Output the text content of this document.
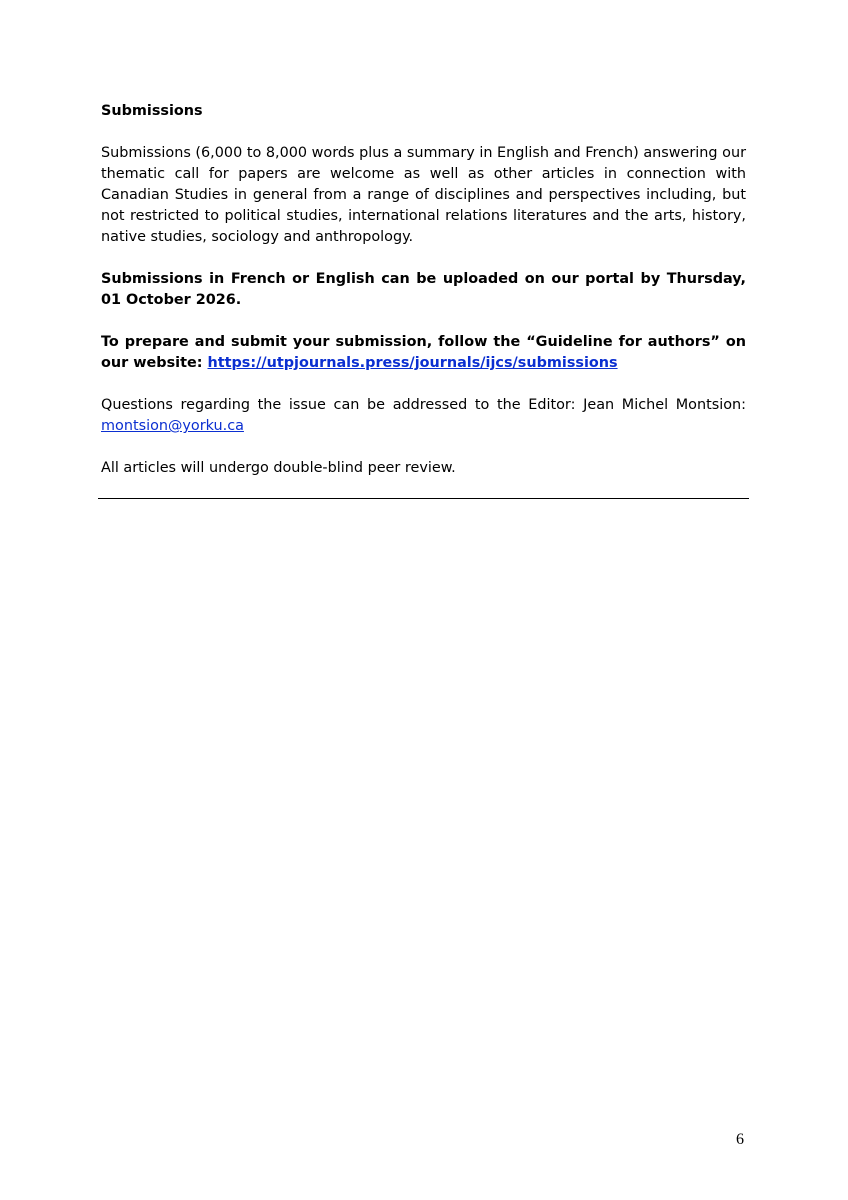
Submissions

Submissions (6,000 to 8,000 words plus a summary in English and French) answering our thematic call for papers are welcome as well as other articles in connection with Canadian Studies in general from a range of disciplines and perspectives including, but not restricted to political studies, international relations literatures and the arts, history, native studies, sociology and anthropology.

Submissions in French or English can be uploaded on our portal by Thursday, 01 October 2026.

To prepare and submit your submission, follow the “Guideline for authors” on our website: https://utpjournals.press/journals/ijcs/submissions

Questions regarding the issue can be addressed to the Editor: Jean Michel Montsion: montsion@yorku.ca

All articles will undergo double-blind peer review.

6
